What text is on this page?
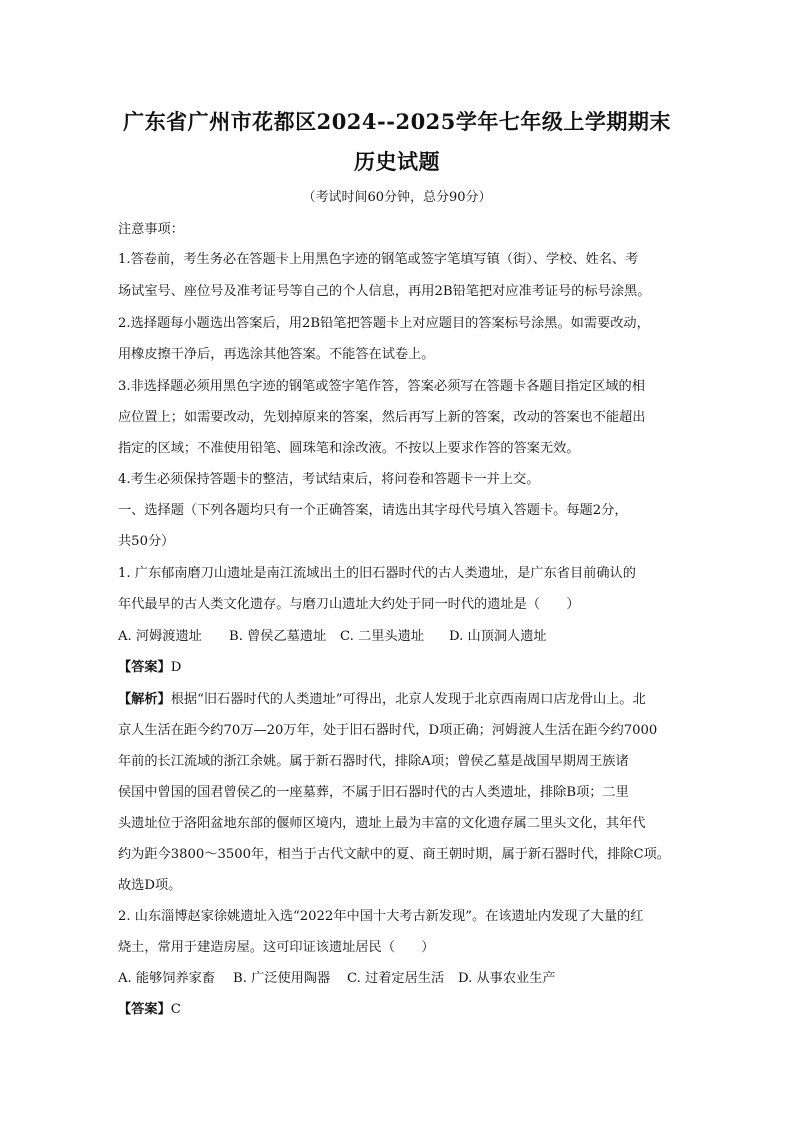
广东省广州市花都区2024--2025学年七年级上学期期末
历史试题
（考试时间60分钟，总分90分）
注意事项：
1.答卷前，考生务必在答题卡上用黑色字迹的钢笔或签字笔填写镇（街）、学校、姓名、考
场试室号、座位号及准考证号等自己的个人信息，再用2B铅笔把对应准考证号的标号涂黑。
2.选择题每小题选出答案后，用2B铅笔把答题卡上对应题目的答案标号涂黑。如需要改动，
用橡皮擦干净后，再选涂其他答案。不能答在试卷上。
3.非选择题必须用黑色字迹的钢笔或签字笔作答，答案必须写在答题卡各题目指定区域的相
应位置上；如需要改动，先划掉原来的答案，然后再写上新的答案，改动的答案也不能超出
指定的区域；不准使用铅笔、圆珠笔和涂改液。不按以上要求作答的答案无效。
4.考生必须保持答题卡的整洁，考试结束后，将问卷和答题卡一并上交。
一、选择题（下列各题均只有一个正确答案，请选出其字母代号填入答题卡。每题2分，
共50分）
1. 广东郁南磨刀山遗址是南江流域出土的旧石器时代的古人类遗址，是广东省目前确认的
年代最早的古人类文化遗存。与磨刀山遗址大约处于同一时代的遗址是（　　）
A. 河姆渡遗址 B. 曾侯乙墓遗址 C. 二里头遗址 D. 山顶洞人遗址
【答案】D
【解析】根据“旧石器时代的人类遗址”可得出，北京人发现于北京西南周口店龙骨山上。北
京人生活在距今约70万—20万年，处于旧石器时代，D项正确；河姆渡人生活在距今约7000
年前的长江流域的浙江余姚。属于新石器时代，排除A项；曾侯乙墓是战国早期周王族诸
侯国中曾国的国君曾侯乙的一座墓葬，不属于旧石器时代的古人类遗址，排除B项；二里
头遗址位于洛阳盆地东部的偃师区境内，遗址上最为丰富的文化遗存属二里头文化，其年代
约为距今3800～3500年，相当于古代文献中的夏、商王朝时期，属于新石器时代，排除C项。
故选D项。
2. 山东淄博赵家徐姚遗址入选“2022年中国十大考古新发现”。在该遗址内发现了大量的红
烧土，常用于建造房屋。这可印证该遗址居民（　　）
A. 能够饲养家畜 B. 广泛使用陶器 C. 过着定居生活 D. 从事农业生产
【答案】C
